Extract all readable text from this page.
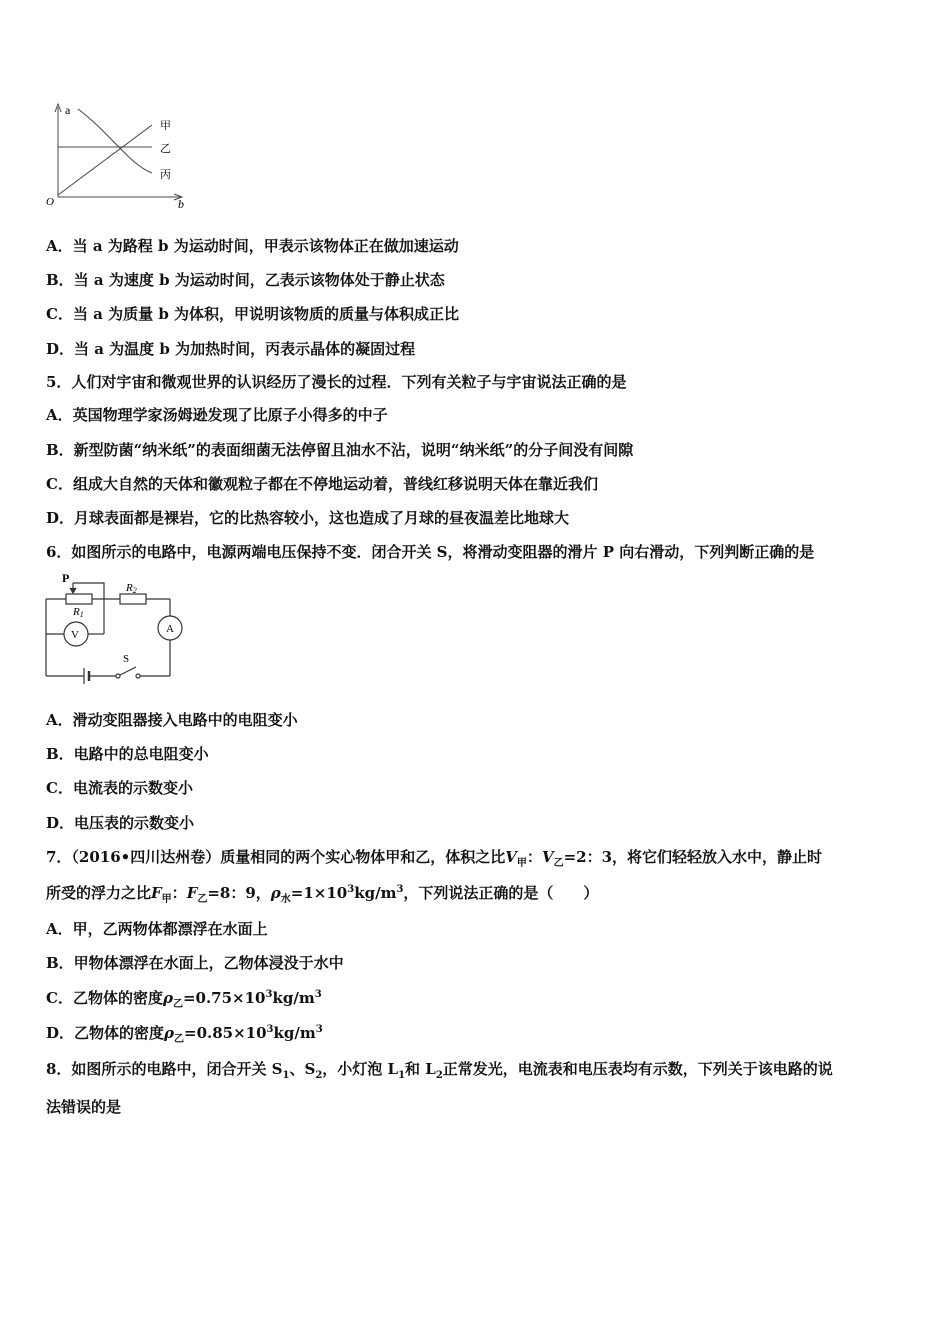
a
b
O
甲
乙
丙
A．当 a 为路程 b 为运动时间，甲表示该物体正在做加速运动
B．当 a 为速度 b 为运动时间，乙表示该物体处于静止状态
C．当 a 为质量 b 为体积，甲说明该物质的质量与体积成正比
D．当 a 为温度 b 为加热时间，丙表示晶体的凝固过程
5．人们对宇宙和微观世界的认识经历了漫长的过程．下列有关粒子与宇宙说法正确的是
A．英国物理学家汤姆逊发现了比原子小得多的中子
B．新型防菌“纳米纸”的表面细菌无法停留且油水不沾，说明“纳米纸”的分子间没有间隙
C．组成大自然的天体和徽观粒子都在不停地运动着，普线红移说明天体在靠近我们
D．月球表面都是裸岩，它的比热容较小，这也造成了月球的昼夜温差比地球大
6．如图所示的电路中，电源两端电压保持不变．闭合开关 S，将滑动变阻器的滑片 P 向右滑动，下列判断正确的是
P
R1
R2
V	A
S
A．滑动变阻器接入电路中的电阻变小
B．电路中的总电阻变小
C．电流表的示数变小
D．电压表的示数变小
7．（2016•四川达州卷）质量相同的两个实心物体甲和乙，体积之比$V_甲$：$V_乙=2$：3，将它们轻轻放入水中，静止时
所受的浮力之比$F_甲$：$F_乙=8$：9，$\rho_水=1\times 10^3kg/m^3$，下列说法正确的是（　　）
A．甲，乙两物体都漂浮在水面上
B．甲物体漂浮在水面上，乙物体浸没于水中
C．乙物体的密度$\rho_乙=0.75\times 10^3kg/m^3$
D．乙物体的密度$\rho_乙=0.85\times 10^3kg/m^3$
8．如图所示的电路中，闭合开关 $S_1$、$S_2$，小灯泡 $L_1$和 $L_2$正常发光，电流表和电压表均有示数，下列关于该电路的说
法错误的是
